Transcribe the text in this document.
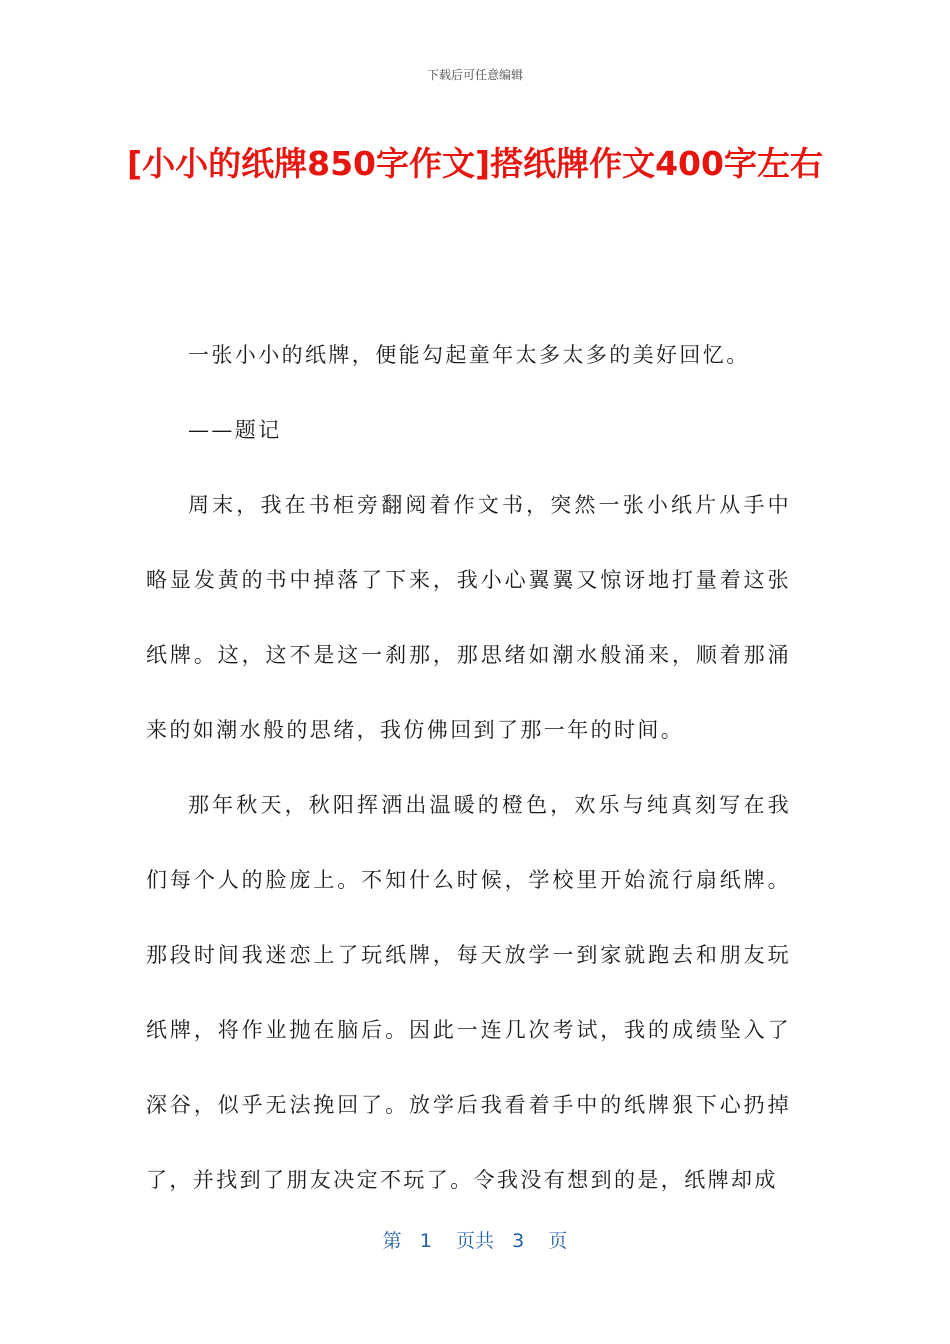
下载后可任意编辑
[小小的纸牌850字作文]搭纸牌作文400字左右

一张小小的纸牌，便能勾起童年太多太多的美好回忆。

——题记

周末，我在书柜旁翻阅着作文书，突然一张小纸片从手中略显发黄的书中掉落了下来，我小心翼翼又惊讶地打量着这张纸牌。这，这不是这一刹那，那思绪如潮水般涌来，顺着那涌来的如潮水般的思绪，我仿佛回到了那一年的时间。

那年秋天，秋阳挥洒出温暖的橙色，欢乐与纯真刻写在我们每个人的脸庞上。不知什么时候，学校里开始流行扇纸牌。那段时间我迷恋上了玩纸牌，每天放学一到家就跑去和朋友玩纸牌，将作业抛在脑后。因此一连几次考试，我的成绩坠入了深谷，似乎无法挽回了。放学后我看着手中的纸牌狠下心扔掉了，并找到了朋友决定不玩了。令我没有想到的是，纸牌却成

第 1 页共 3 页
